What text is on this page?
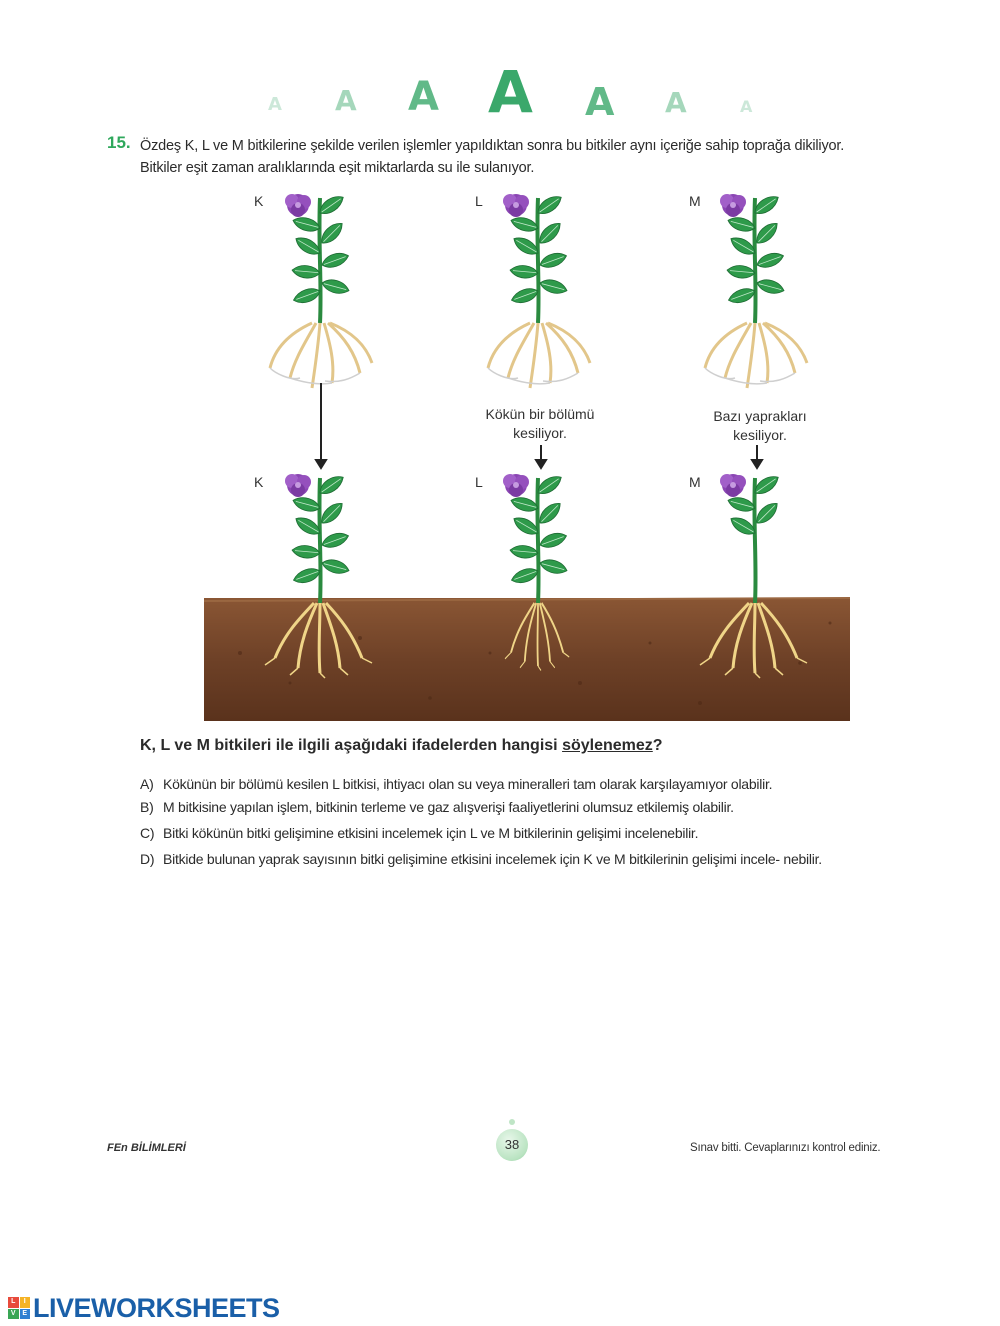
A A A A A A	A
15. Özdeş K, L ve M bitkilerine şekilde verilen işlemler yapıldıktan sonra bu bitkiler aynı içeriğe sahip toprağa dikiliyor.
Bitkiler eşit zaman aralıklarında eşit miktarlarda su ile sulanıyor.
K	L	M
K	L	M
Kökün bir bölümü
kesiliyor.
Bazı yaprakları
kesiliyor.
K, L ve M bitkileri ile ilgili aşağıdaki ifadelerden hangisi söylenemez?
A) Kökünün bir bölümü kesilen L bitkisi, ihtiyacı olan su veya mineralleri tam olarak karşılayamıyor olabilir.
B) M bitkisine yapılan işlem, bitkinin terleme ve gaz alışverişi faaliyetlerini olumsuz etkilemiş olabilir.
C) Bitki kökünün bitki gelişimine etkisini incelemek için L ve M bitkilerinin gelişimi incelenebilir.
D) Bitkide bulunan yaprak sayısının bitki gelişimine etkisini incelemek için K ve M bitkilerinin gelişimi incele- nebilir.
FEn BİLİMLERİ	38	Sınav bitti. Cevaplarınızı kontrol ediniz.
L	I
V E LIVEWORKSHEETS
